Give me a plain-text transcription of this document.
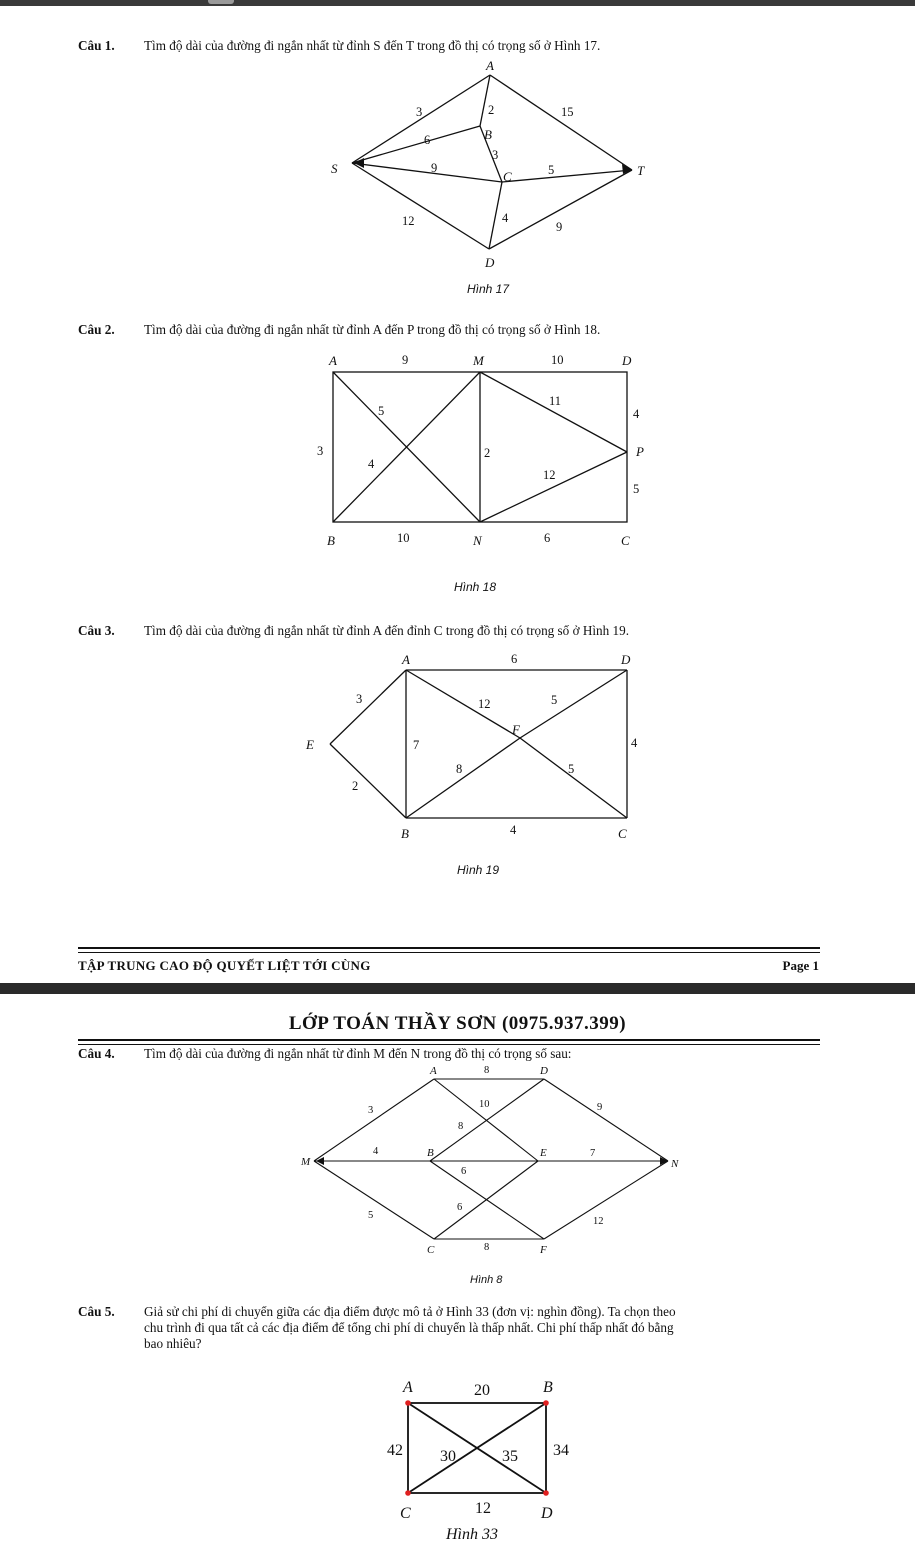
Câu 1. Tìm độ dài của đường đi ngắn nhất từ đỉnh S đến T trong đồ thị có trọng số ở Hình 17.
A
B
C
D
S	T
3	2	15
6
3
9	5
12	4
9
Hình 17
Câu 2. Tìm độ dài của đường đi ngắn nhất từ đỉnh A đến P trong đồ thị có trọng số ở Hình 18.
A	M	D
P
B	N	C
9	10
5
11
4
3
4
2
12
5
10	6
Hình 18
Câu 3. Tìm độ dài của đường đi ngắn nhất từ đỉnh A đến đỉnh C trong đồ thị có trọng số ở Hình 19.
A	D
E
F
B	C
6
3	12	5
7	4
8	5
2
4
Hình 19
TẬP TRUNG CAO ĐỘ QUYẾT LIỆT TỚI CÙNG	Page 1
LỚP TOÁN THẦY SƠN (0975.937.399)
Câu 4. Tìm độ dài của đường đi ngắn nhất từ đỉnh M đến N trong đồ thị có trọng số sau:
A	D
M
B	E
N
C	F
8
3
10	9
8
4
6
7
5
6
12
8
Hình 8
Câu 5. Giả sử chi phí di chuyển giữa các địa điểm được mô tả ở Hình 33 (đơn vị: nghìn đồng). Ta chọn theo
chu trình đi qua tất cả các địa điểm để tổng chi phí di chuyển là thấp nhất. Chi phí thấp nhất đó bằng
bao nhiêu?
A	B
C	D
20
42 30	35 34
12
Hình 33
